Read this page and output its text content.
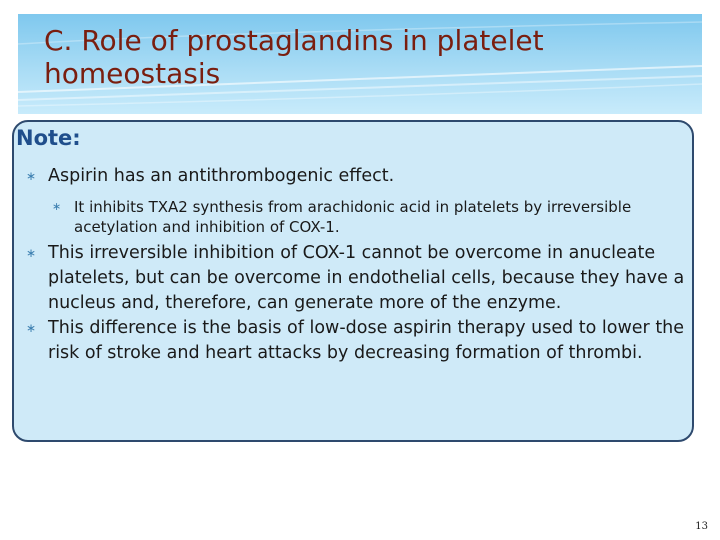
C. Role of prostaglandins in platelet homeostasis

Note:

∗ Aspirin has an antithrombogenic effect.
∗ It inhibits TXA2 synthesis from arachidonic acid in platelets by irreversible acetylation and inhibition of COX-1.
∗ This irreversible inhibition of COX-1 cannot be overcome in anucleate platelets, but can be overcome in endothelial cells, because they have a nucleus and, therefore, can generate more of the enzyme.
∗ This difference is the basis of low-dose aspirin therapy used to lower the risk of stroke and heart attacks by decreasing formation of thrombi.
13
